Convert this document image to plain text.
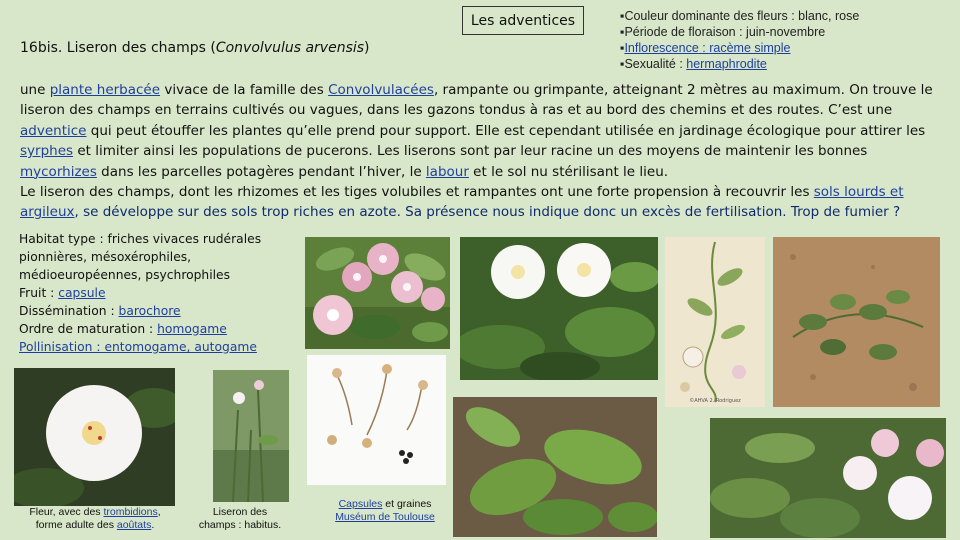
Les adventices
16bis. Liseron des champs (Convolvulus arvensis)
▪Couleur dominante des fleurs : blanc, rose
▪Période de floraison : juin-novembre
▪Inflorescence : racème simple
▪Sexualité : hermaphrodite
une plante herbacée vivace de la famille des Convolvulacées, rampante ou grimpante, atteignant 2 mètres au maximum. On trouve le liseron des champs en terrains cultivés ou vagues, dans les gazons tondus à ras et au bord des chemins et des routes. C’est une adventice qui peut étouffer les plantes qu’elle prend pour support. Elle est cependant utilisée en jardinage écologique pour attirer les syrphes et limiter ainsi les populations de pucerons. Les liserons sont par leur racine un des moyens de maintenir les bonnes mycorhizes dans les parcelles potagères pendant l’hiver, le labour et le sol nu stérilisant le lieu.
Le liseron des champs, dont les rhizomes et les tiges volubiles et rampantes ont une forte propension à recouvrir les sols lourds et argileux, se développe sur des sols trop riches en azote. Sa présence nous indique donc un excès de fertilisation. Trop de fumier ?
Habitat type : friches vivaces rudérales pionnières, mésoxérophiles, médioeuropéennes, psychrophiles
Fruit : capsule
Dissémination : barochore
Ordre de maturation : homogame
Pollinisation : entomogame, autogame
©AHVA 2. Rodriguez
Fleur, avec des trombidions,
forme adulte des aoûtats.
Liseron des
champs : habitus.
Capsules et graines
Muséum de Toulouse
